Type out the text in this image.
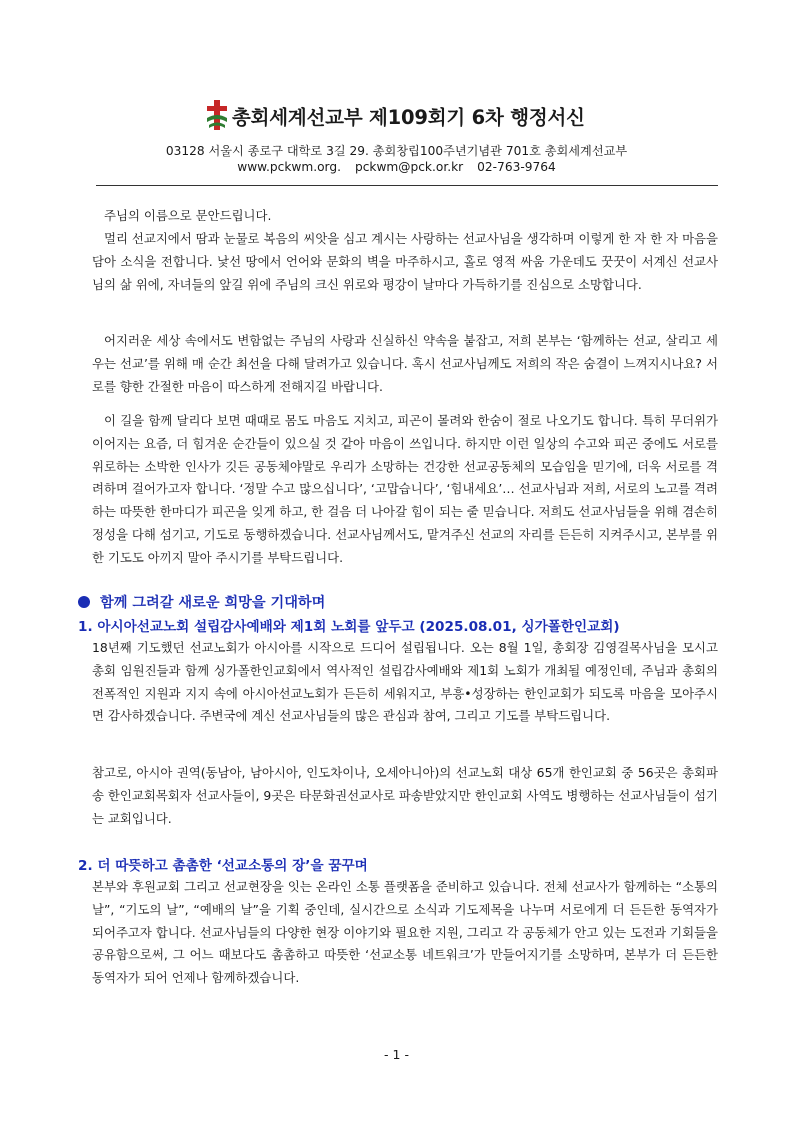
총회세계선교부 제109회기 6차 행정서신
03128 서울시 종로구 대학로 3길 29. 총회창립100주년기념관 701호 총회세계선교부
www.pckwm.org. pckwm@pck.or.kr 02-763-9764
주님의 이름으로 문안드립니다.
멀리 선교지에서 땀과 눈물로 복음의 씨앗을 심고 계시는 사랑하는 선교사님을 생각하며 이렇게 한 자 한 자 마음을 담아 소식을 전합니다. 낯선 땅에서 언어와 문화의 벽을 마주하시고, 홀로 영적 싸움 가운데도 꿋꿋이 서계신 선교사님의 삶 위에, 자녀들의 앞길 위에 주님의 크신 위로와 평강이 날마다 가득하기를 진심으로 소망합니다.
어지러운 세상 속에서도 변함없는 주님의 사랑과 신실하신 약속을 붙잡고, 저희 본부는 ‘함께하는 선교, 살리고 세우는 선교’를 위해 매 순간 최선을 다해 달려가고 있습니다. 혹시 선교사님께도 저희의 작은 숨결이 느껴지시나요? 서로를 향한 간절한 마음이 따스하게 전해지길 바랍니다.
이 길을 함께 달리다 보면 때때로 몸도 마음도 지치고, 피곤이 몰려와 한숨이 절로 나오기도 합니다. 특히 무더위가 이어지는 요즘, 더 힘겨운 순간들이 있으실 것 같아 마음이 쓰입니다. 하지만 이런 일상의 수고와 피곤 중에도 서로를 위로하는 소박한 인사가 깃든 공동체야말로 우리가 소망하는 건강한 선교공동체의 모습임을 믿기에, 더욱 서로를 격려하며 걸어가고자 합니다. ‘정말 수고 많으십니다’, ‘고맙습니다’, ‘힘내세요’… 선교사님과 저희, 서로의 노고를 격려하는 따뜻한 한마디가 피곤을 잊게 하고, 한 걸음 더 나아갈 힘이 되는 줄 믿습니다. 저희도 선교사님들을 위해 겸손히 정성을 다해 섬기고, 기도로 동행하겠습니다. 선교사님께서도, 맡겨주신 선교의 자리를 든든히 지켜주시고, 본부를 위한 기도도 아끼지 말아 주시기를 부탁드립니다.
함께 그려갈 새로운 희망을 기대하며
1. 아시아선교노회 설립감사예배와 제1회 노회를 앞두고 (2025.08.01, 싱가폴한인교회)
18년째 기도했던 선교노회가 아시아를 시작으로 드디어 설립됩니다. 오는 8월 1일, 총회장 김영걸목사님을 모시고 총회 임원진들과 함께 싱가폴한인교회에서 역사적인 설립감사예배와 제1회 노회가 개최될 예정인데, 주님과 총회의 전폭적인 지원과 지지 속에 아시아선교노회가 든든히 세워지고, 부흥•성장하는 한인교회가 되도록 마음을 모아주시면 감사하겠습니다. 주변국에 계신 선교사님들의 많은 관심과 참여, 그리고 기도를 부탁드립니다.
참고로, 아시아 권역(동남아, 남아시아, 인도차이나, 오세아니아)의 선교노회 대상 65개 한인교회 중 56곳은 총회파송 한인교회목회자 선교사들이, 9곳은 타문화권선교사로 파송받았지만 한인교회 사역도 병행하는 선교사님들이 섬기는 교회입니다.
2. 더 따뜻하고 촘촘한 ‘선교소통의 장’을 꿈꾸며
본부와 후원교회 그리고 선교현장을 잇는 온라인 소통 플랫폼을 준비하고 있습니다. 전체 선교사가 함께하는 “소통의 날”, “기도의 날”, “예배의 날”을 기획 중인데, 실시간으로 소식과 기도제목을 나누며 서로에게 더 든든한 동역자가 되어주고자 합니다. 선교사님들의 다양한 현장 이야기와 필요한 지원, 그리고 각 공동체가 안고 있는 도전과 기회들을 공유함으로써, 그 어느 때보다도 촘촘하고 따뜻한 ‘선교소통 네트워크’가 만들어지기를 소망하며, 본부가 더 든든한 동역자가 되어 언제나 함께하겠습니다.
- 1 -
